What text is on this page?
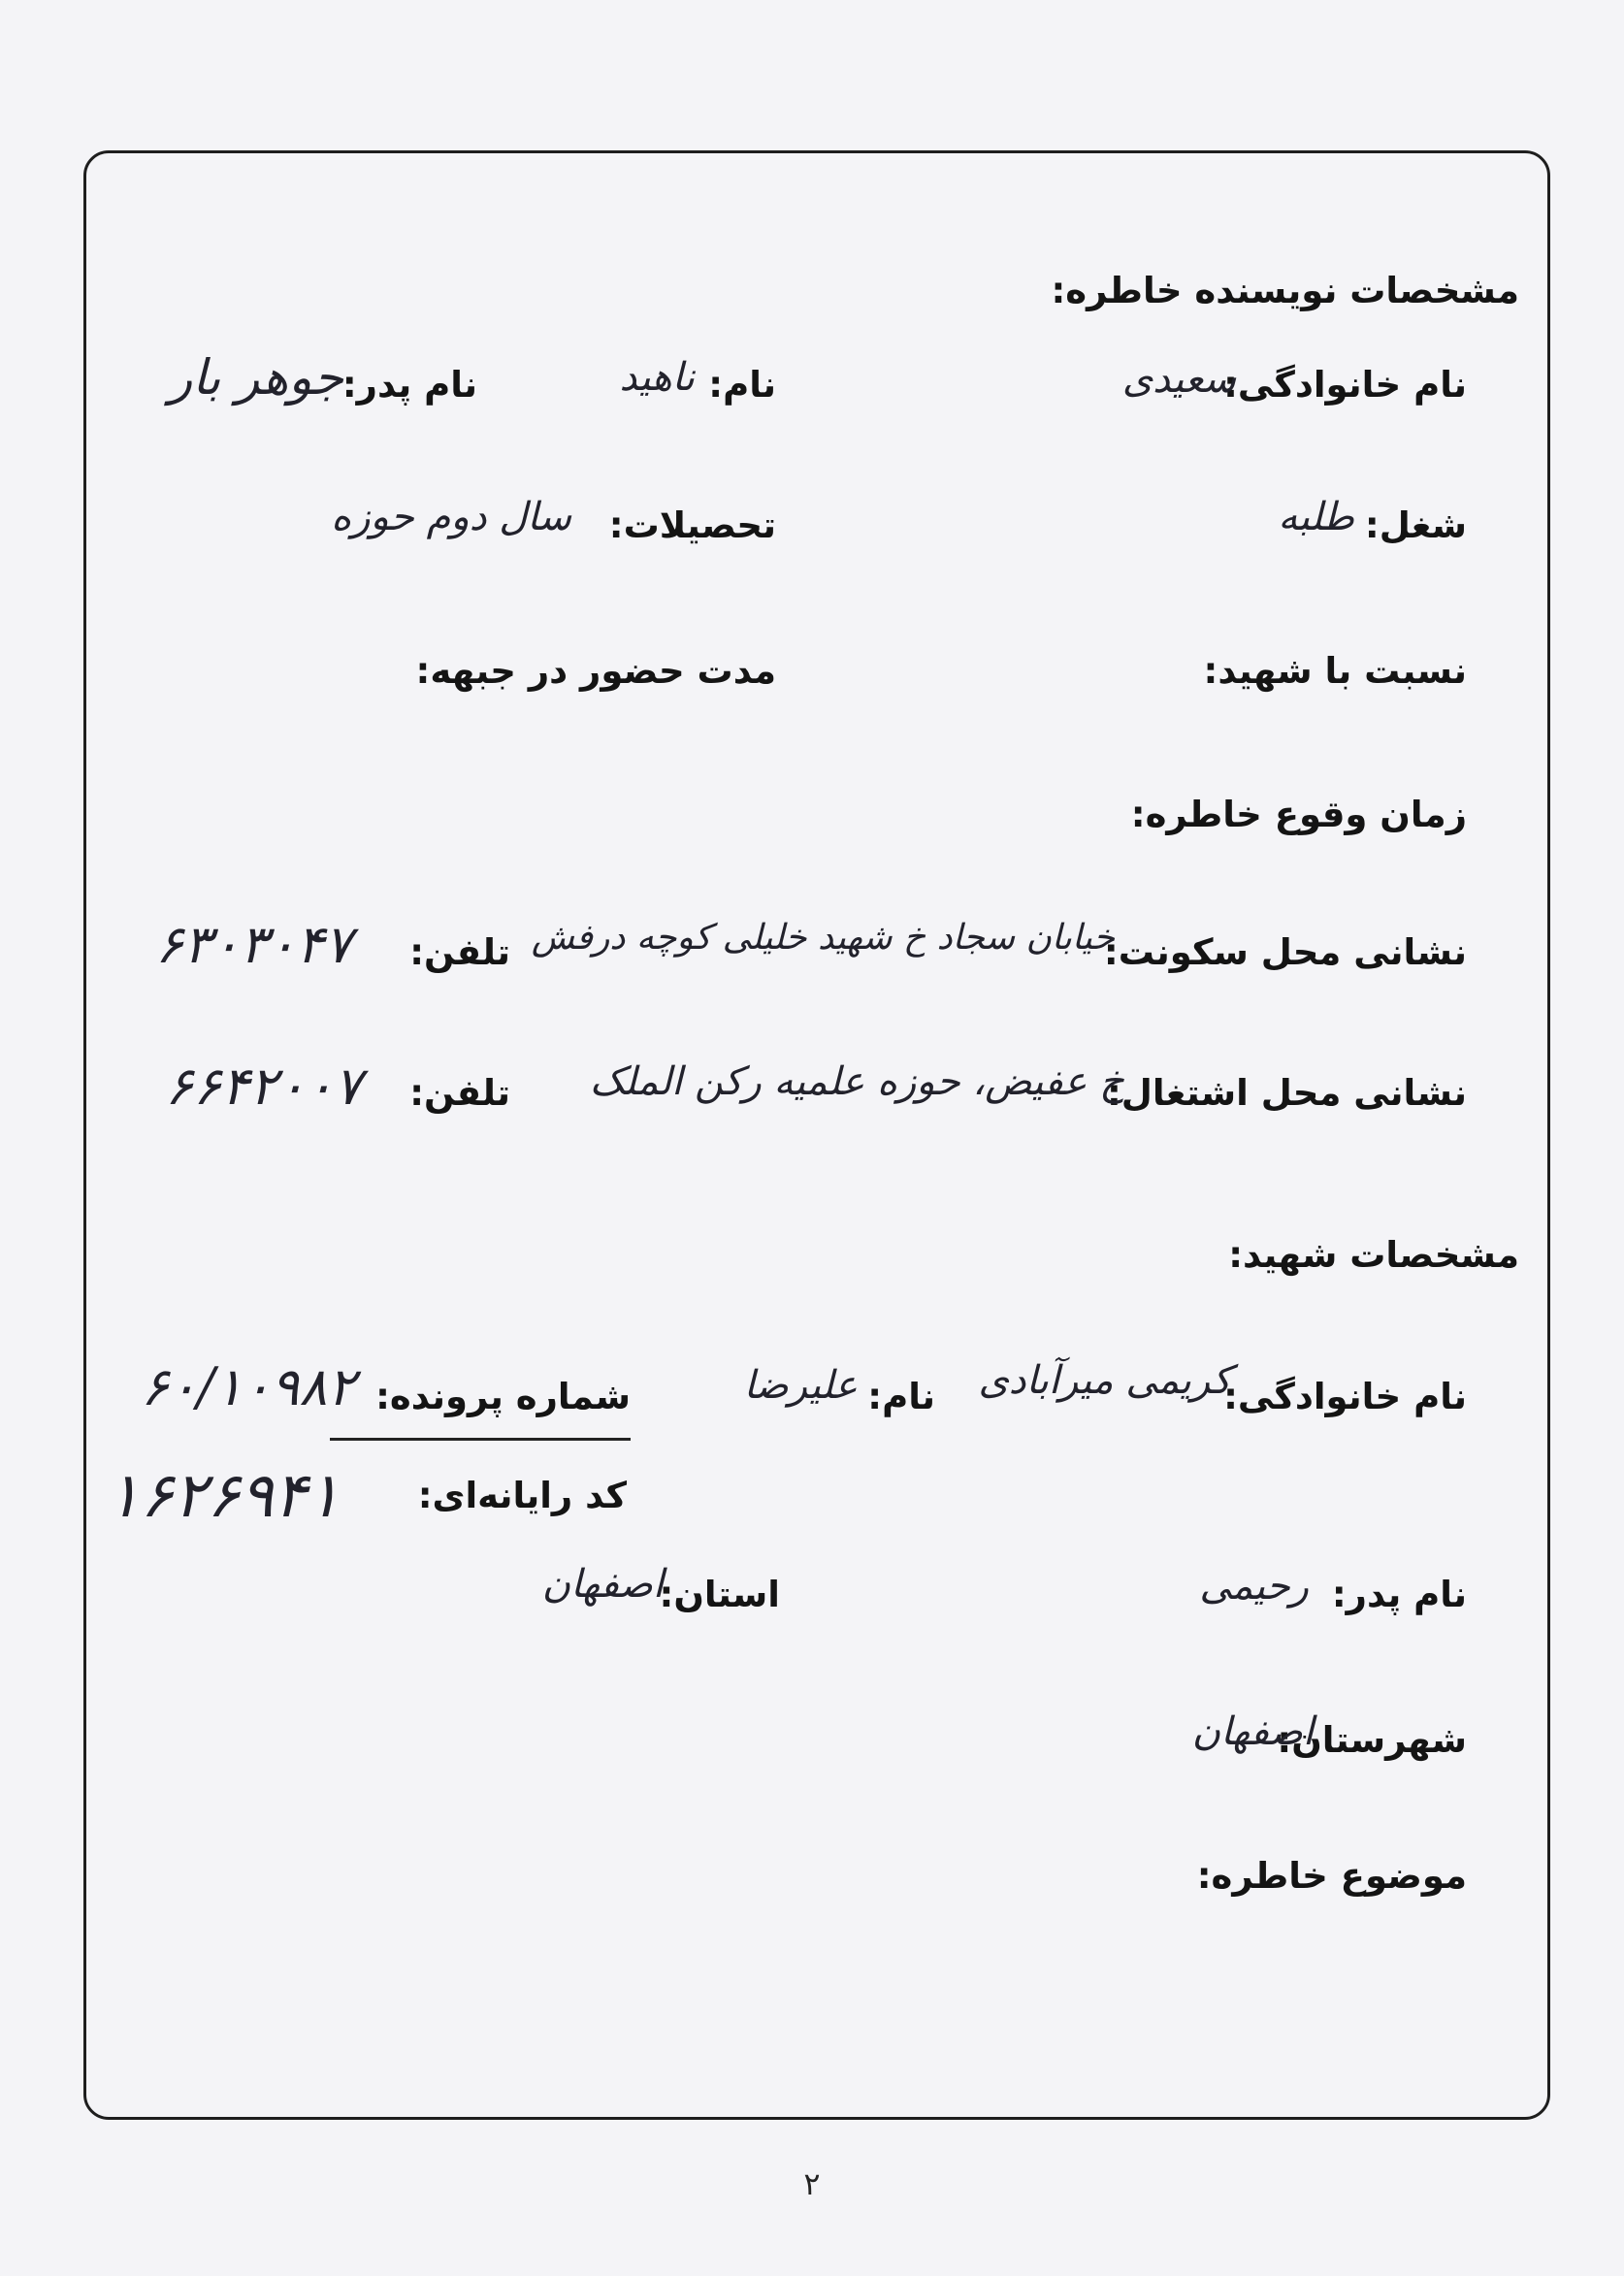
مشخصات نویسنده خاطره:
نام خانوادگی:
سعیدی
نام:
ناهید
نام پدر:
جوهر بار
شغل:
طلبه
تحصیلات:
سال دوم حوزه
نسبت با شهید:
مدت حضور در جبهه:
زمان وقوع خاطره:
نشانی محل سکونت:
خیابان سجاد خ شهید خلیلی کوچه درفش
تلفن:
۶۳۰۳۰۴۷
نشانی محل اشتغال:
خ عفیض، حوزه علمیه رکن الملک
تلفن:
۶۶۴۲۰۰۷
مشخصات شهید:
نام خانوادگی:
کریمی میرآبادی
نام:
علیرضا
شماره پرونده:
۶۰/۱۰۹۸۲
کد رایانه‌ای:
۱۶۲۶۹۴۱
نام پدر:
رحیمی
استان:
اصفهان
شهرستان:
اصفهان
موضوع خاطره:
۲
